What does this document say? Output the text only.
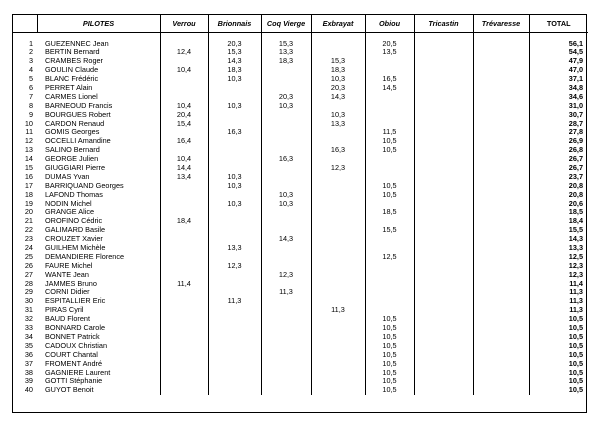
	PILOTES	Verrou	Brionnais	Coq Vierge	Exbrayat	Obiou	Tricastin	Trévaresse	TOTAL
1	GUEZENNEC Jean		20,3	15,3		20,5			56,1
2	BERTIN Bernard	12,4	15,3	13,3		13,5			54,5
3	CRAMBES Roger		14,3	18,3	15,3				47,9
4	GOULIN Claude	10,4	18,3		18,3				47,0
5	BLANC Frédéric		10,3		10,3	16,5			37,1
6	PERRET Alain				20,3	14,5			34,8
7	CARMES Lionel			20,3	14,3				34,6
8	BARNEOUD Francis	10,4	10,3	10,3					31,0
9	BOURGUES Robert	20,4			10,3				30,7
10	CARDON Renaud	15,4			13,3				28,7
11	GOMIS Georges		16,3			11,5			27,8
12	OCCELLI Amandine	16,4				10,5			26,9
13	SALINO Bernard				16,3	10,5			26,8
14	GEORGE Julien	10,4		16,3					26,7
15	GIUGGIARI Pierre	14,4			12,3				26,7
16	DUMAS Yvan	13,4	10,3						23,7
17	BARRIQUAND Georges		10,3			10,5			20,8
18	LAFOND Thomas			10,3		10,5			20,8
19	NODIN Michel		10,3	10,3					20,6
20	GRANGE Alice					18,5			18,5
21	OROFINO Cédric	18,4							18,4
22	GALIMARD Basile					15,5			15,5
23	CROUZET Xavier			14,3					14,3
24	GUILHEM Michèle		13,3						13,3
25	DEMANDIERE Florence					12,5			12,5
26	FAURE Michel		12,3						12,3
27	WANTE Jean			12,3					12,3
28	JAMMES Bruno	11,4							11,4
29	CORNI Didier			11,3					11,3
30	ESPITALLIER Eric		11,3						11,3
31	PIRAS Cyril				11,3				11,3
32	BAUD Florent					10,5			10,5
33	BONNARD Carole					10,5			10,5
34	BONNET Patrick					10,5			10,5
35	CADOUX Christian					10,5			10,5
36	COURT Chantal					10,5			10,5
37	FROMENT André					10,5			10,5
38	GAGNIERE Laurent					10,5			10,5
39	GOTTI Stéphanie					10,5			10,5
40	GUYOT Benoit					10,5			10,5
